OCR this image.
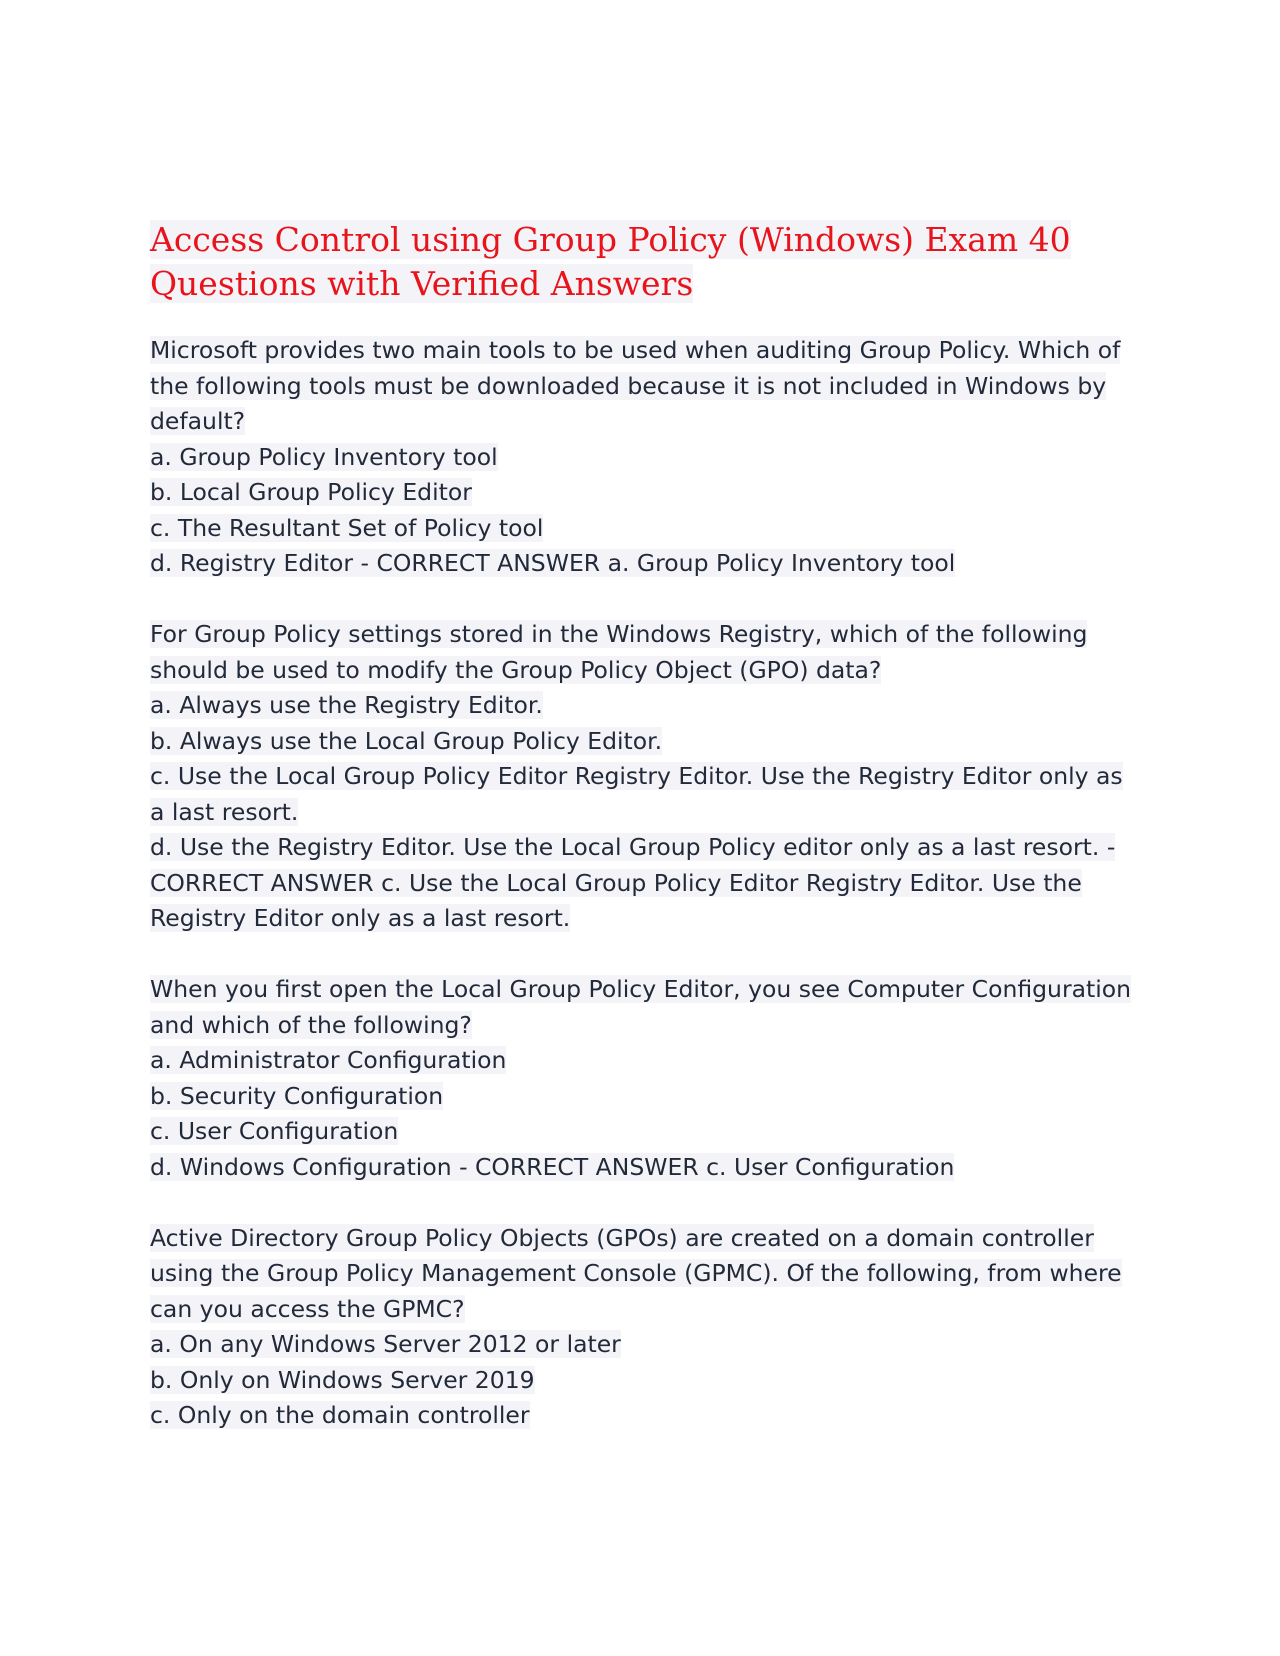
Access Control using Group Policy (Windows) Exam 40 Questions with Verified Answers
Microsoft provides two main tools to be used when auditing Group Policy. Which of the following tools must be downloaded because it is not included in Windows by default?
a. Group Policy Inventory tool
b. Local Group Policy Editor
c. The Resultant Set of Policy tool
d. Registry Editor - CORRECT ANSWER a. Group Policy Inventory tool
For Group Policy settings stored in the Windows Registry, which of the following should be used to modify the Group Policy Object (GPO) data?
a. Always use the Registry Editor.
b. Always use the Local Group Policy Editor.
c. Use the Local Group Policy Editor Registry Editor. Use the Registry Editor only as a last resort.
d. Use the Registry Editor. Use the Local Group Policy editor only as a last resort. - CORRECT ANSWER c. Use the Local Group Policy Editor Registry Editor. Use the Registry Editor only as a last resort.
When you first open the Local Group Policy Editor, you see Computer Configuration and which of the following?
a. Administrator Configuration
b. Security Configuration
c. User Configuration
d. Windows Configuration - CORRECT ANSWER c. User Configuration
Active Directory Group Policy Objects (GPOs) are created on a domain controller using the Group Policy Management Console (GPMC). Of the following, from where can you access the GPMC?
a. On any Windows Server 2012 or later
b. Only on Windows Server 2019
c. Only on the domain controller
